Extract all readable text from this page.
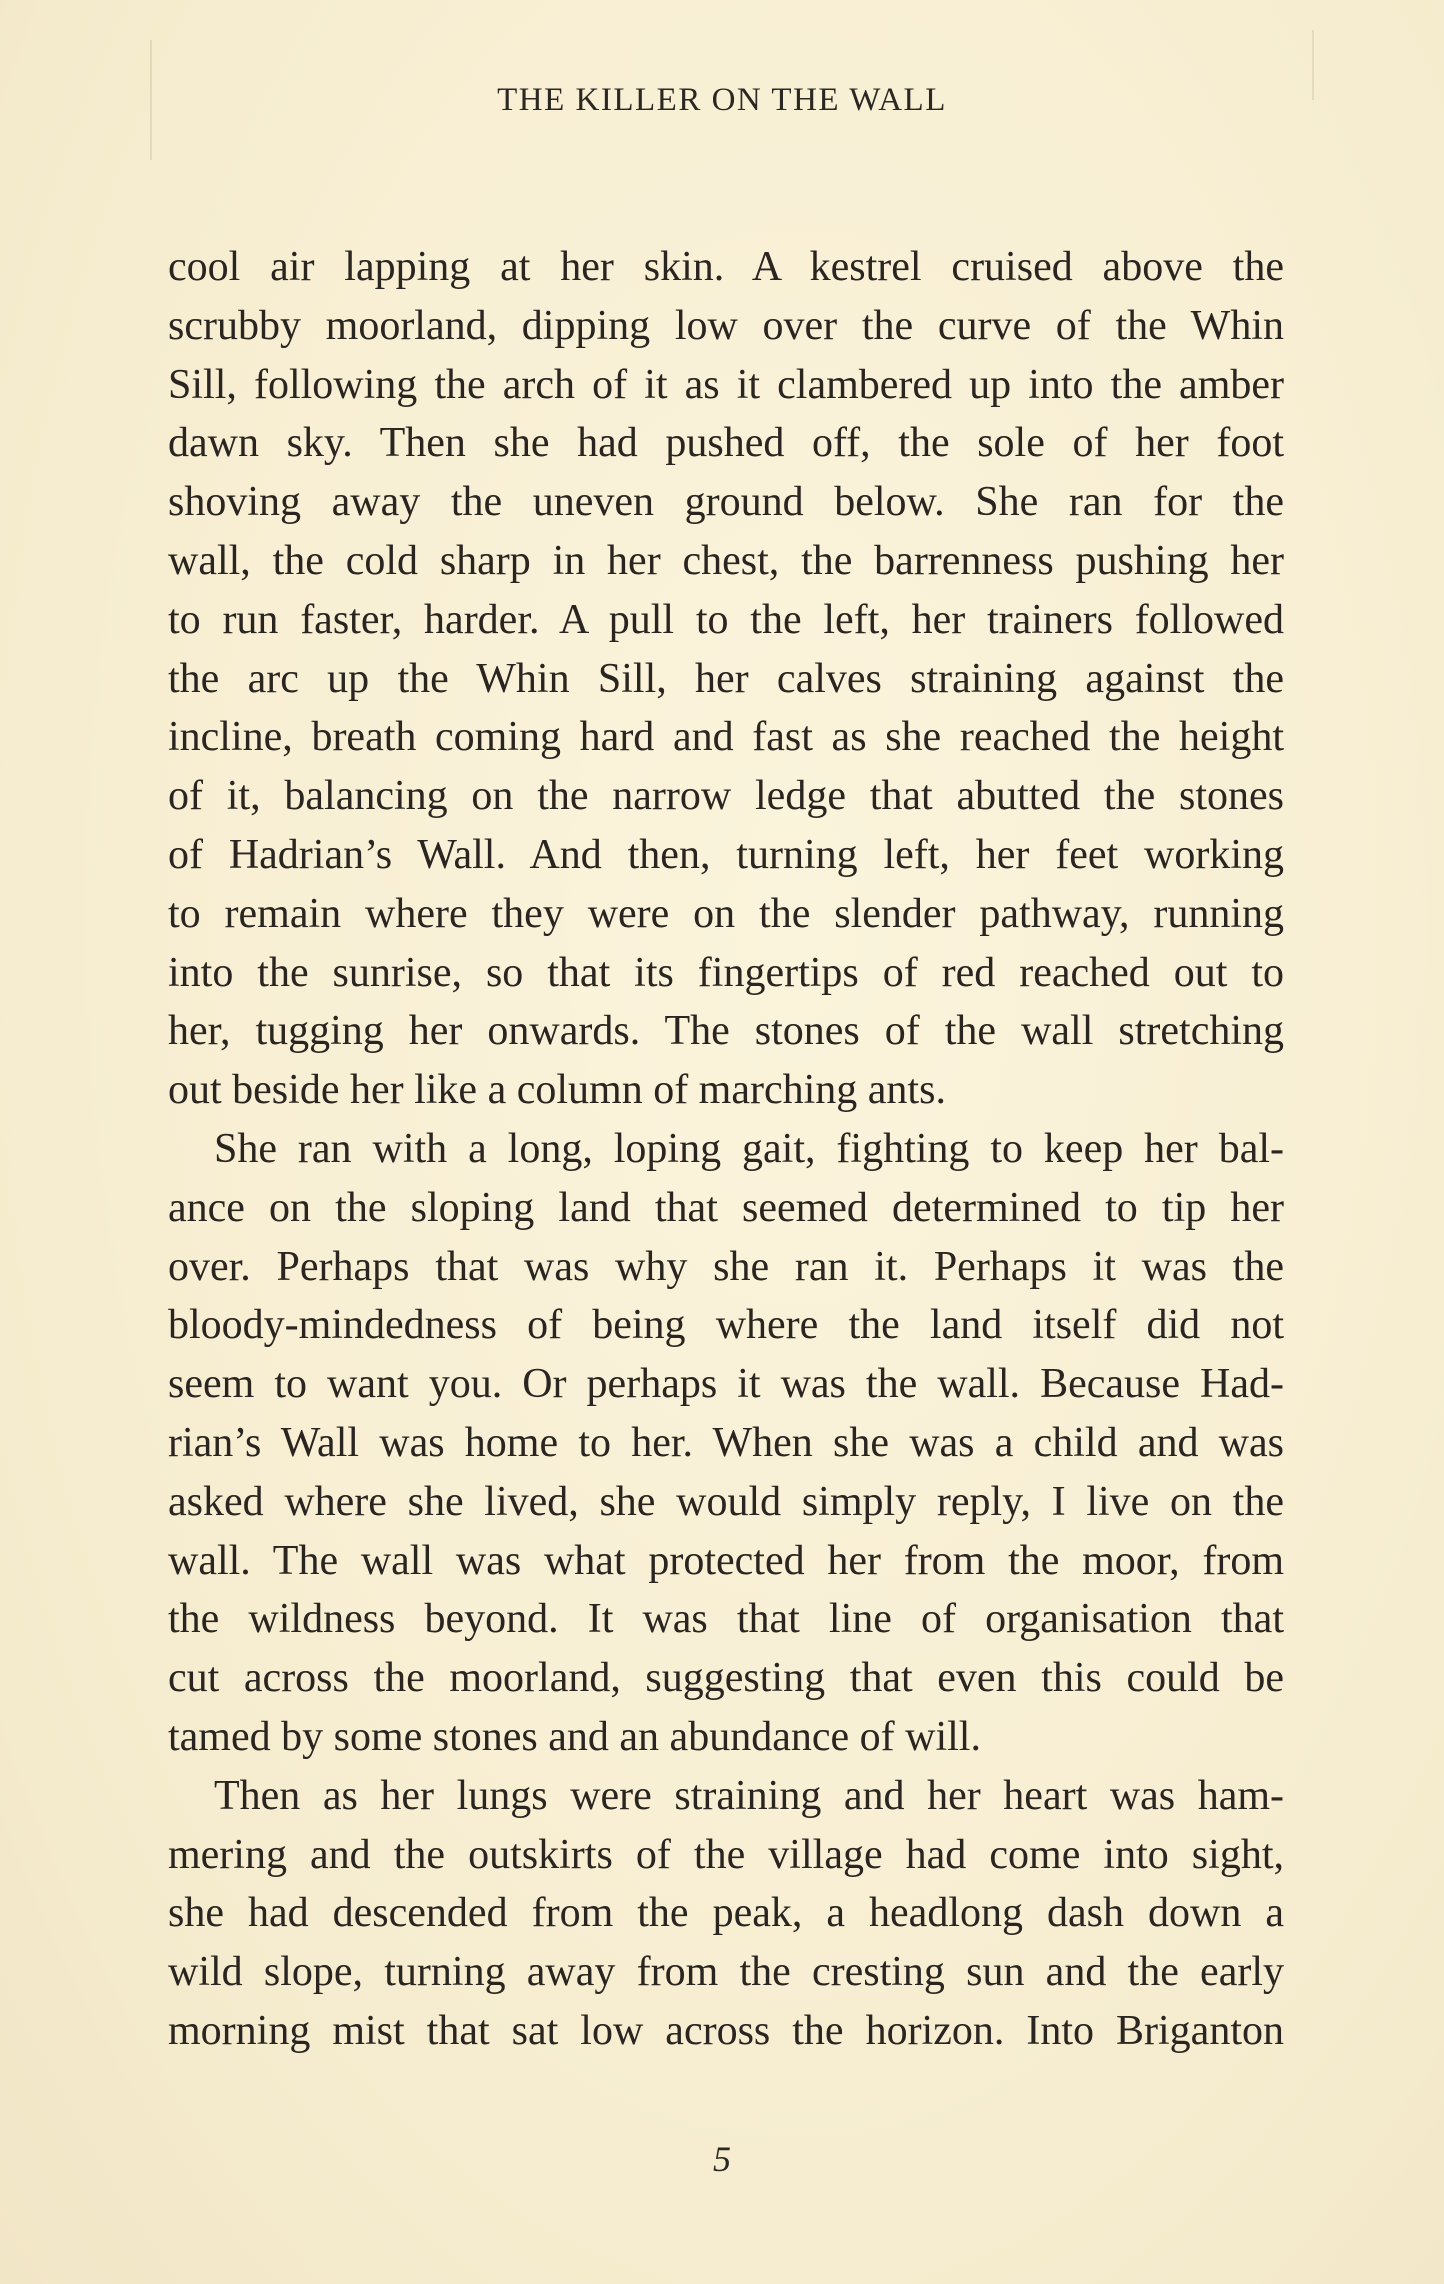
THE KILLER ON THE WALL
cool air lapping at her skin. A kestrel cruised above the
scrubby moorland, dipping low over the curve of the Whin
Sill, following the arch of it as it clambered up into the amber
dawn sky. Then she had pushed off, the sole of her foot
shoving away the uneven ground below. She ran for the
wall, the cold sharp in her chest, the barrenness pushing her
to run faster, harder. A pull to the left, her trainers followed
the arc up the Whin Sill, her calves straining against the
incline, breath coming hard and fast as she reached the height
of it, balancing on the narrow ledge that abutted the stones
of Hadrian’s Wall. And then, turning left, her feet working
to remain where they were on the slender pathway, running
into the sunrise, so that its fingertips of red reached out to
her, tugging her onwards. The stones of the wall stretching
out beside her like a column of marching ants.
She ran with a long, loping gait, fighting to keep her bal-
ance on the sloping land that seemed determined to tip her
over. Perhaps that was why she ran it. Perhaps it was the
bloody-mindedness of being where the land itself did not
seem to want you. Or perhaps it was the wall. Because Had-
rian’s Wall was home to her. When she was a child and was
asked where she lived, she would simply reply, I live on the
wall. The wall was what protected her from the moor, from
the wildness beyond. It was that line of organisation that
cut across the moorland, suggesting that even this could be
tamed by some stones and an abundance of will.
Then as her lungs were straining and her heart was ham-
mering and the outskirts of the village had come into sight,
she had descended from the peak, a headlong dash down a
wild slope, turning away from the cresting sun and the early
morning mist that sat low across the horizon. Into Briganton
5
